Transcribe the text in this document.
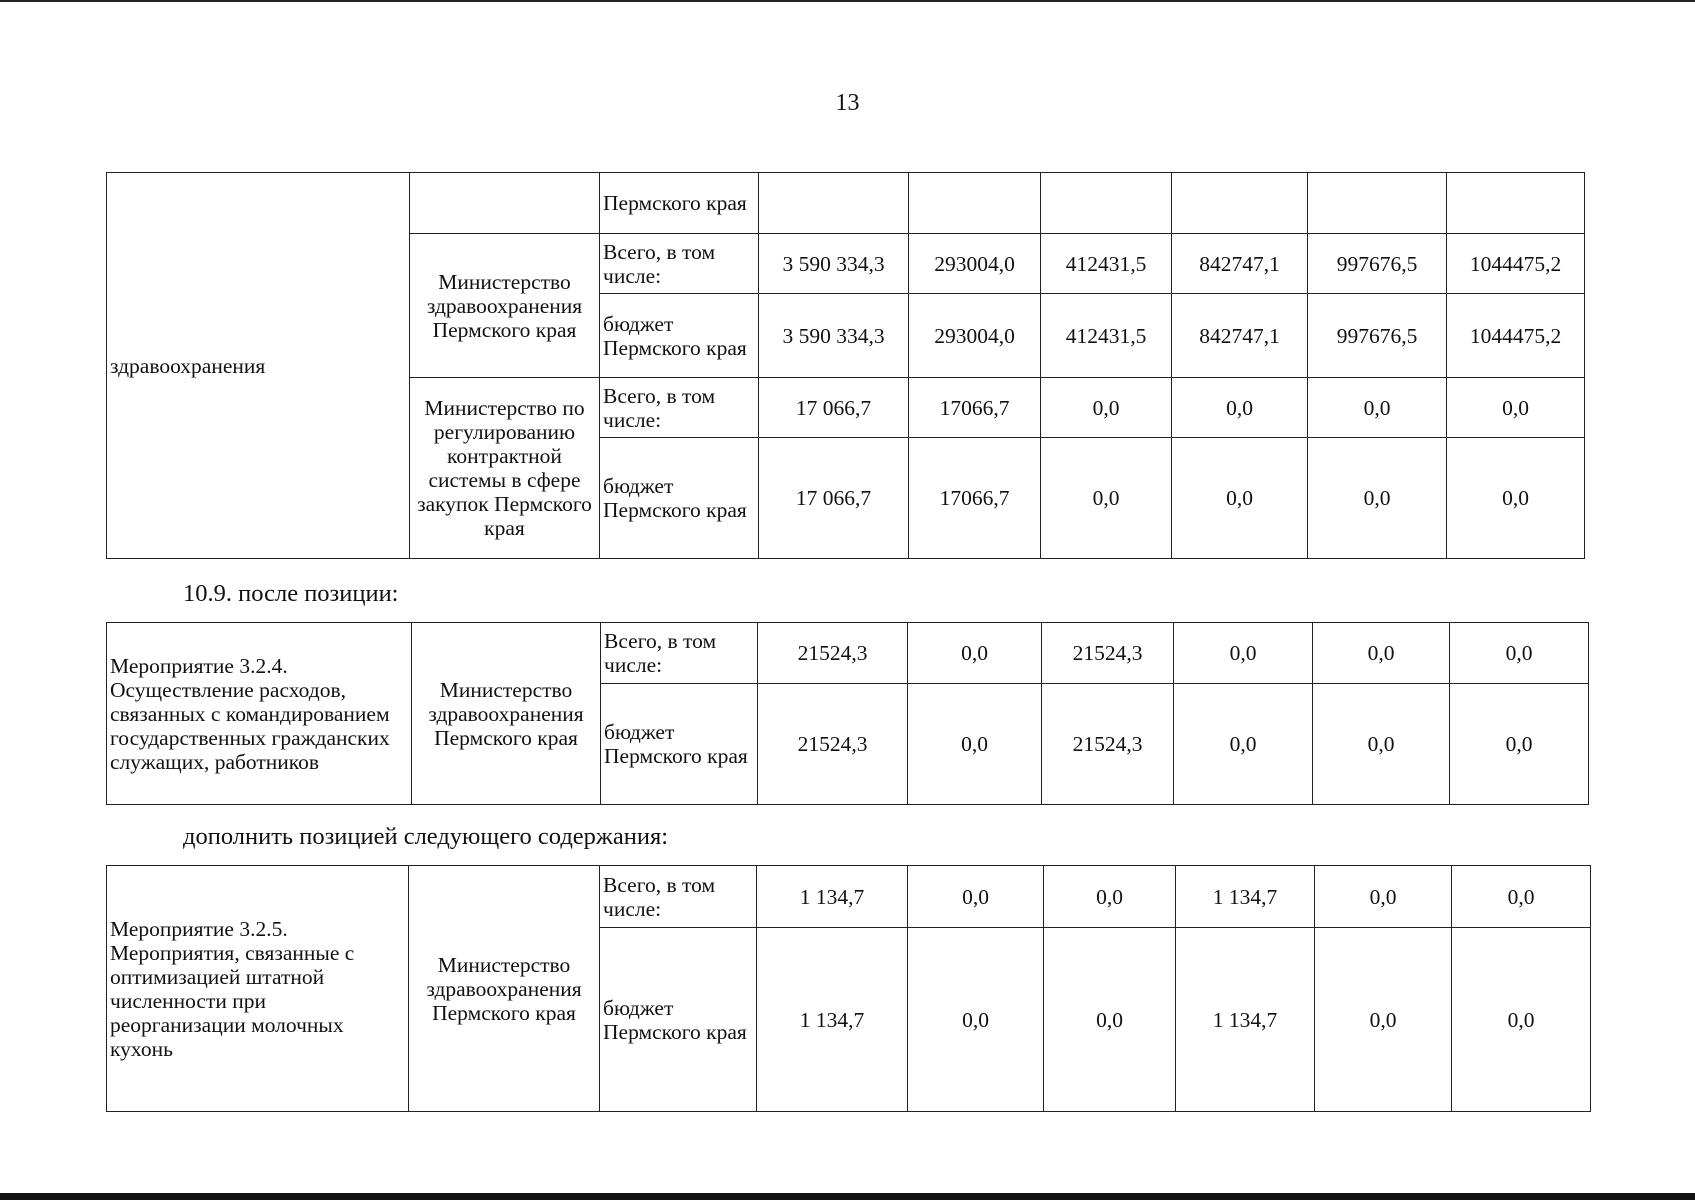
13
здравоохранения		Пермского края						
	Министерство здравоохранения Пермского края	Всего, в том числе:	3 590 334,3	293004,0	412431,5	842747,1	997676,5	1044475,2
		бюджет Пермского края	3 590 334,3	293004,0	412431,5	842747,1	997676,5	1044475,2
	Министерство по регулированию контрактной системы в сфере закупок Пермского края	Всего, в том числе:	17 066,7	17066,7	0,0	0,0	0,0	0,0
		бюджет Пермского края	17 066,7	17066,7	0,0	0,0	0,0	0,0
10.9. после позиции:
Мероприятие 3.2.4. Осуществление расходов, связанных с командированием государственных гражданских служащих, работников	Министерство здравоохранения Пермского края	Всего, в том числе:	21524,3	0,0	21524,3	0,0	0,0	0,0
		бюджет Пермского края	21524,3	0,0	21524,3	0,0	0,0	0,0
дополнить позицией следующего содержания:
Мероприятие 3.2.5. Мероприятия, связанные с оптимизацией штатной численности при реорганизации молочных кухонь	Министерство здравоохранения Пермского края	Всего, в том числе:	1 134,7	0,0	0,0	1 134,7	0,0	0,0
		бюджет Пермского края	1 134,7	0,0	0,0	1 134,7	0,0	0,0
